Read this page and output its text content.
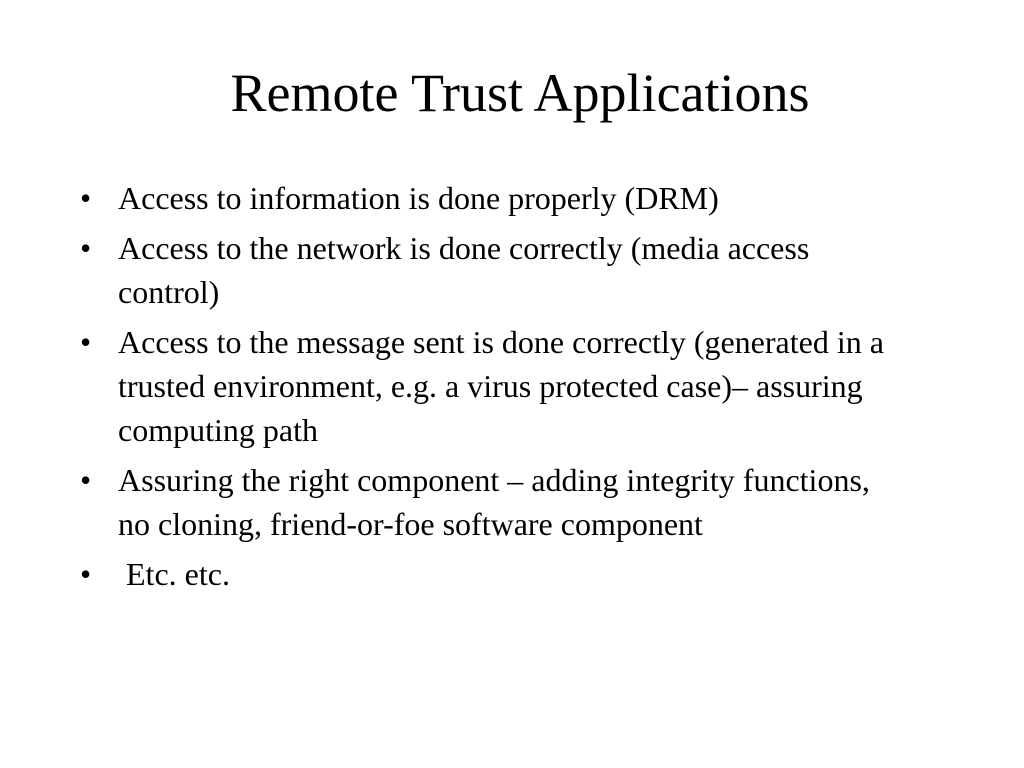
Remote Trust Applications
• Access to information is done properly (DRM)
• Access to the network is done correctly (media access control)
• Access to the message sent is done correctly (generated in a trusted environment, e.g. a virus protected case)– assuring computing path
• Assuring the right component – adding integrity functions, no cloning, friend-or-foe software component
• Etc. etc.
